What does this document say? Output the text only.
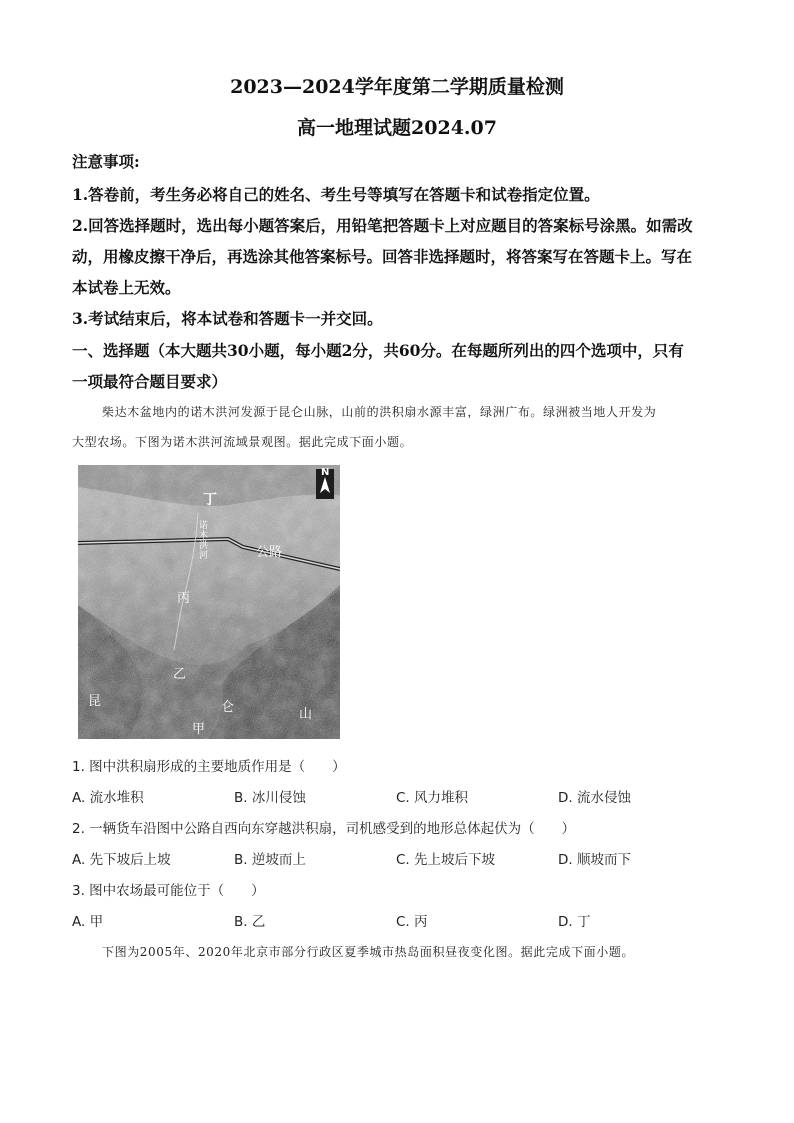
2023—2024学年度第二学期质量检测
高一地理试题2024.07
注意事项:
1.答卷前，考生务必将自己的姓名、考生号等填写在答题卡和试卷指定位置。
2.回答选择题时，选出每小题答案后，用铅笔把答题卡上对应题目的答案标号涂黑。如需改
动，用橡皮擦干净后，再选涂其他答案标号。回答非选择题时，将答案写在答题卡上。写在
本试卷上无效。
3.考试结束后，将本试卷和答题卡一并交回。
一、选择题（本大题共30小题，每小题2分，共60分。在每题所列出的四个选项中，只有
一项最符合题目要求）
柴达木盆地内的诺木洪河发源于昆仑山脉，山前的洪积扇水源丰富，绿洲广布。绿洲被当地人开发为
大型农场。下图为诺木洪河流域景观图。据此完成下面小题。
N
丁
诺木洪河	公路
丙
乙
昆	仑
甲
山
1. 图中洪积扇形成的主要地质作用是（　　）
A. 流水堆积	B. 冰川侵蚀	C. 风力堆积	D. 流水侵蚀
2. 一辆货车沿图中公路自西向东穿越洪积扇，司机感受到的地形总体起伏为（　　）
A. 先下坡后上坡	B. 逆坡而上	C. 先上坡后下坡	D. 顺坡而下
3. 图中农场最可能位于（　　）
A. 甲	B. 乙	C. 丙	D. 丁
下图为2005年、2020年北京市部分行政区夏季城市热岛面积昼夜变化图。据此完成下面小题。
